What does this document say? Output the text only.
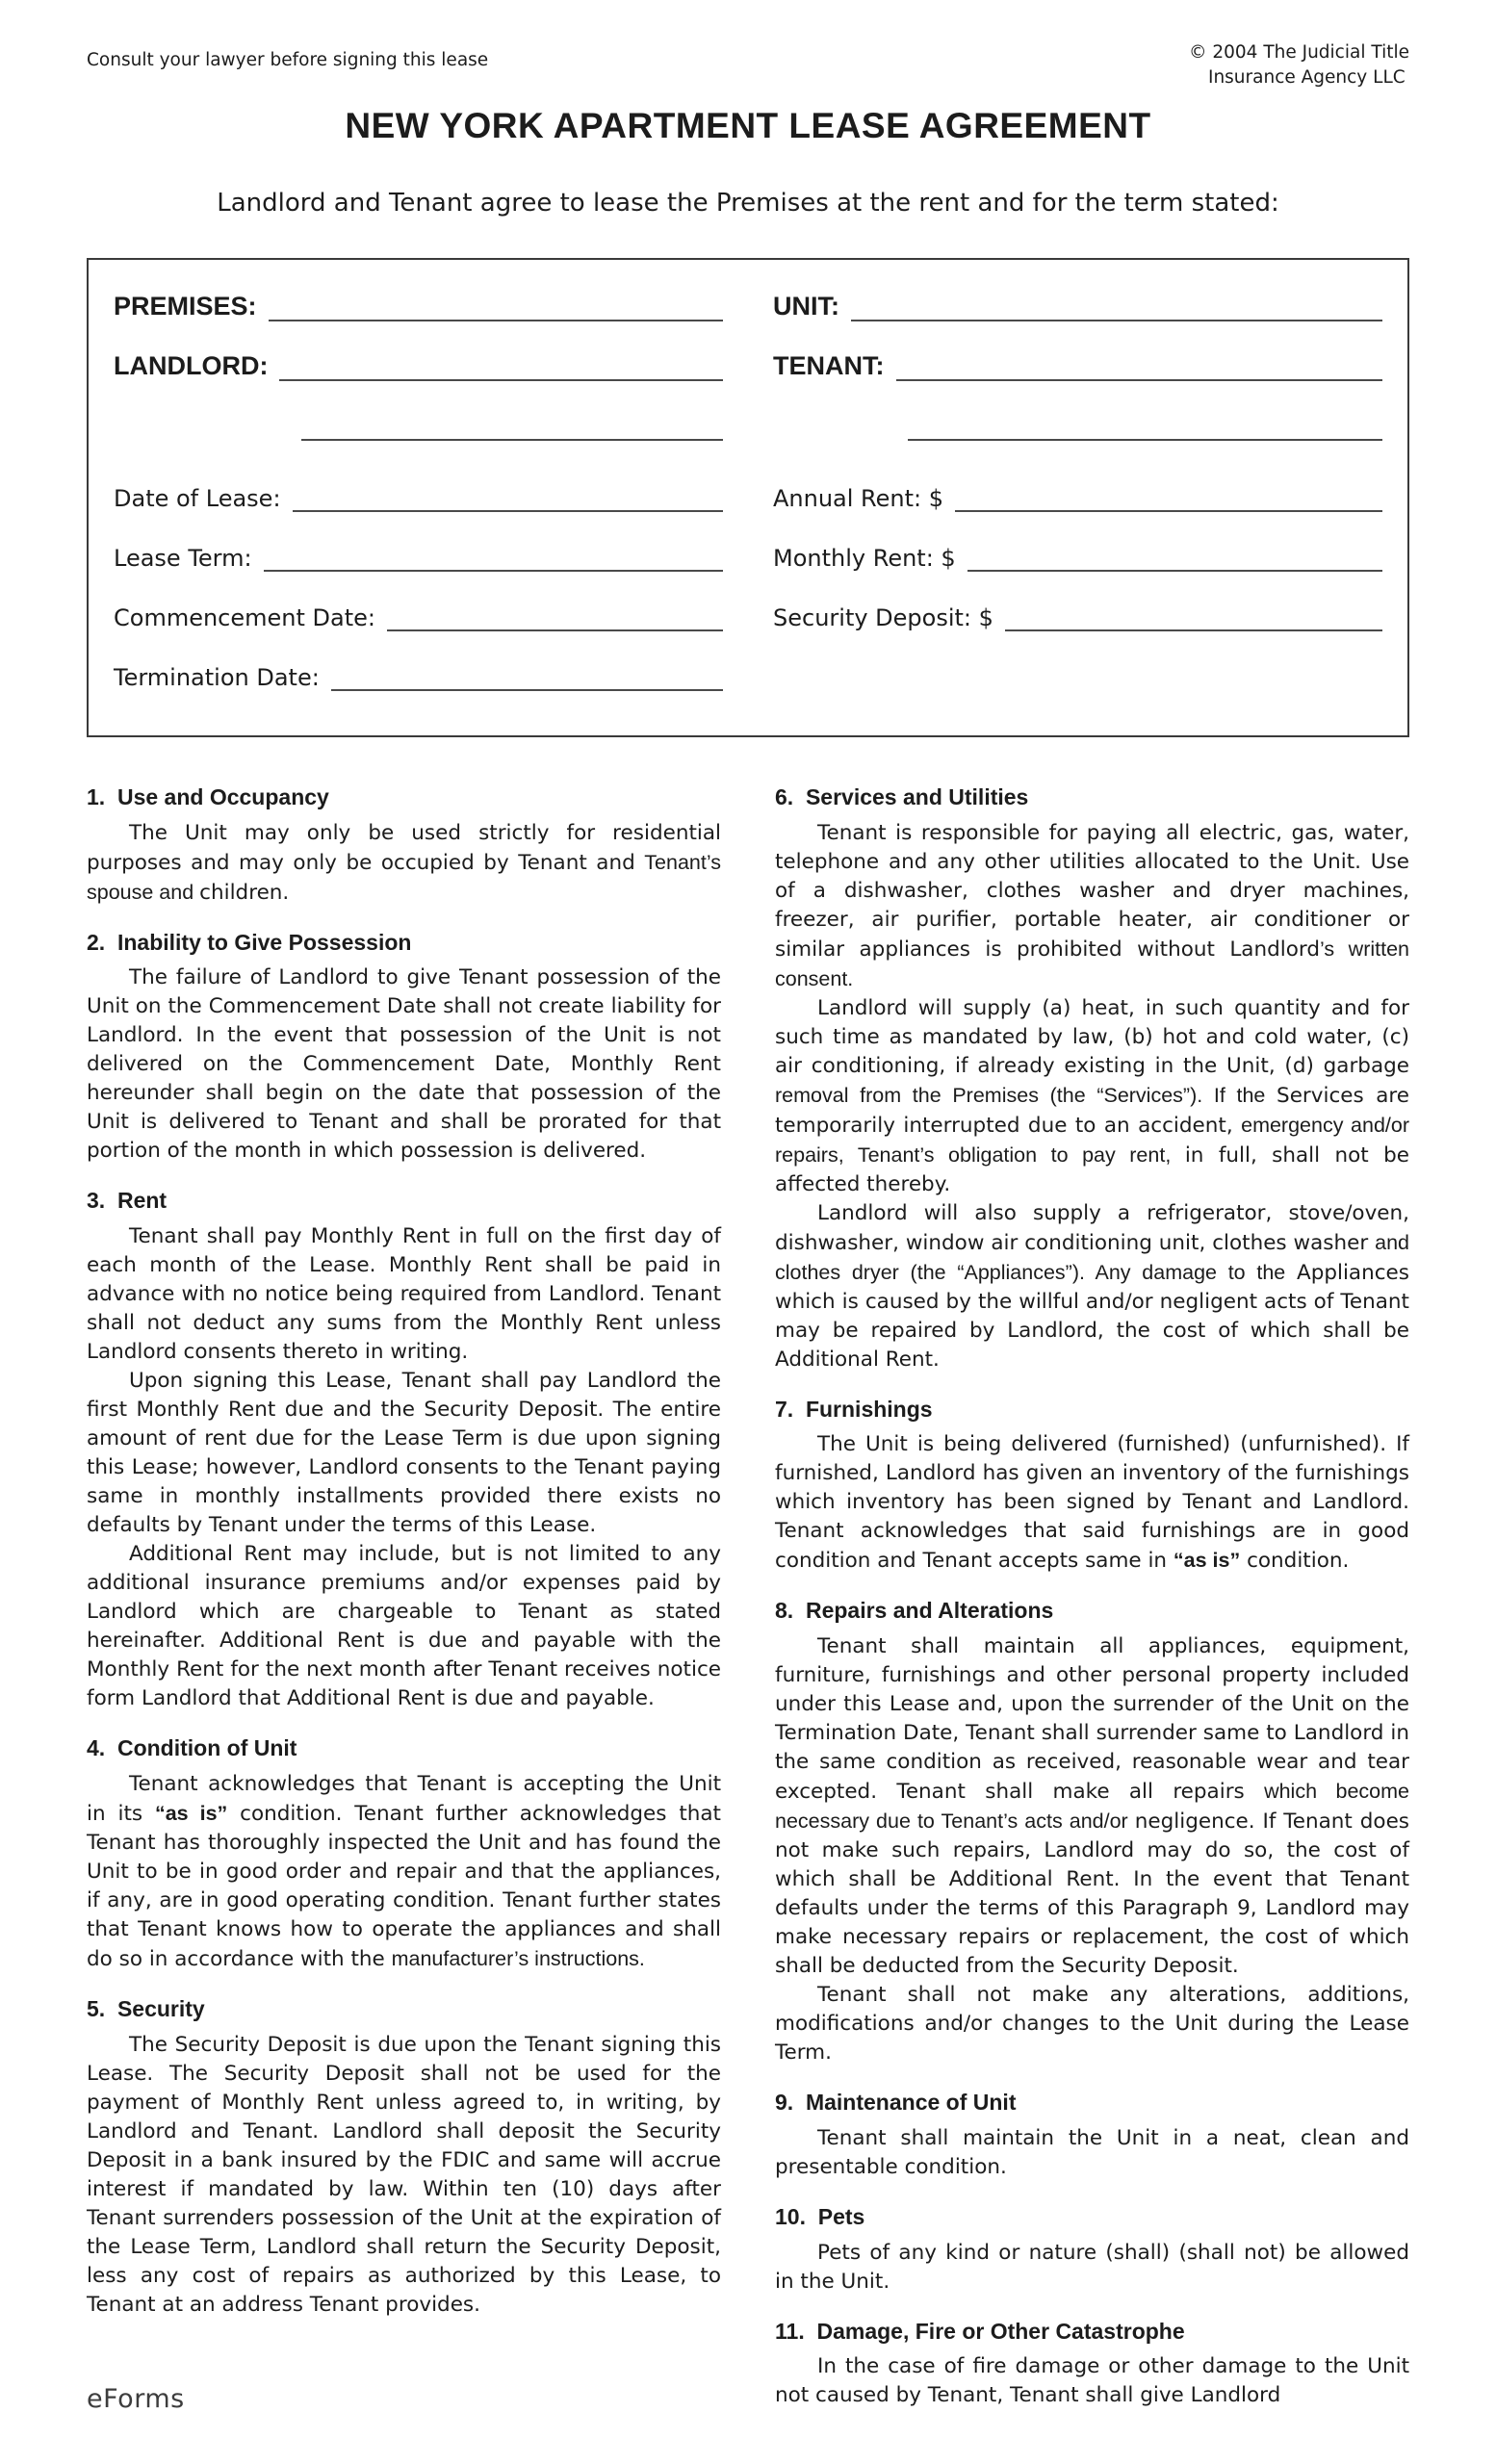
Consult your lawyer before signing this lease	© 2004 The Judicial Title
Insurance Agency LLC
NEW YORK APARTMENT LEASE AGREEMENT

Landlord and Tenant agree to lease the Premises at the rent and for the term stated:

PREMISES:	UNIT:
LANDLORD:	TENANT:
Date of Lease:	Annual Rent: $
Lease Term:	Monthly Rent: $
Commencement Date:	Security Deposit: $
Termination Date:
1.  Use and Occupancy

The Unit may only be used strictly for residential purposes and may only be occupied by Tenant and Tenant’s spouse and children.

2.  Inability to Give Possession

The failure of Landlord to give Tenant possession of the Unit on the Commencement Date shall not create liability for Landlord. In the event that possession of the Unit is not delivered on the Commencement Date, Monthly Rent hereunder shall begin on the date that possession of the Unit is delivered to Tenant and shall be prorated for that portion of the month in which possession is delivered.

3.  Rent

Tenant shall pay Monthly Rent in full on the first day of each month of the Lease. Monthly Rent shall be paid in advance with no notice being required from Landlord. Tenant shall not deduct any sums from the Monthly Rent unless Landlord consents thereto in writing.

Upon signing this Lease, Tenant shall pay Landlord the first Monthly Rent due and the Security Deposit. The entire amount of rent due for the Lease Term is due upon signing this Lease; however, Landlord consents to the Tenant paying same in monthly installments provided there exists no defaults by Tenant under the terms of this Lease.

Additional Rent may include, but is not limited to any additional insurance premiums and/or expenses paid by Landlord which are chargeable to Tenant as stated hereinafter. Additional Rent is due and payable with the Monthly Rent for the next month after Tenant receives notice form Landlord that Additional Rent is due and payable.

4.  Condition of Unit

Tenant acknowledges that Tenant is accepting the Unit in its “as is” condition. Tenant further acknowledges that Tenant has thoroughly inspected the Unit and has found the Unit to be in good order and repair and that the appliances, if any, are in good operating condition. Tenant further states that Tenant knows how to operate the appliances and shall do so in accordance with the manufacturer’s instructions.

5.  Security

The Security Deposit is due upon the Tenant signing this Lease. The Security Deposit shall not be used for the payment of Monthly Rent unless agreed to, in writing, by Landlord and Tenant. Landlord shall deposit the Security Deposit in a bank insured by the FDIC and same will accrue interest if mandated by law. Within ten (10) days after Tenant surrenders possession of the Unit at the expiration of the Lease Term, Landlord shall return the Security Deposit, less any cost of repairs as authorized by this Lease, to Tenant at an address Tenant provides.

6.  Services and Utilities

Tenant is responsible for paying all electric, gas, water, telephone and any other utilities allocated to the Unit. Use of a dishwasher, clothes washer and dryer machines, freezer, air purifier, portable heater, air conditioner or similar appliances is prohibited without Landlord’s written consent.

Landlord will supply (a) heat, in such quantity and for such time as mandated by law, (b) hot and cold water, (c) air conditioning, if already existing in the Unit, (d) garbage removal from the Premises (the “Services”). If the Services are temporarily interrupted due to an accident, emergency and/or repairs, Tenant’s obligation to pay rent, in full, shall not be affected thereby.

Landlord will also supply a refrigerator, stove/oven, dishwasher, window air conditioning unit, clothes washer and clothes dryer (the “Appliances”). Any damage to the Appliances which is caused by the willful and/or negligent acts of Tenant may be repaired by Landlord, the cost of which shall be Additional Rent.

7.  Furnishings

The Unit is being delivered (furnished) (unfurnished). If furnished, Landlord has given an inventory of the furnishings which inventory has been signed by Tenant and Landlord. Tenant acknowledges that said furnishings are in good condition and Tenant accepts same in “as is” condition.

8.  Repairs and Alterations

Tenant shall maintain all appliances, equipment, furniture, furnishings and other personal property included under this Lease and, upon the surrender of the Unit on the Termination Date, Tenant shall surrender same to Landlord in the same condition as received, reasonable wear and tear excepted. Tenant shall make all repairs which become necessary due to Tenant’s acts and/or negligence. If Tenant does not make such repairs, Landlord may do so, the cost of which shall be Additional Rent. In the event that Tenant defaults under the terms of this Paragraph 9, Landlord may make necessary repairs or replacement, the cost of which shall be deducted from the Security Deposit.

Tenant shall not make any alterations, additions, modifications and/or changes to the Unit during the Lease Term.

9.  Maintenance of Unit

Tenant shall maintain the Unit in a neat, clean and presentable condition.

10.  Pets

Pets of any kind or nature (shall) (shall not) be allowed in the Unit.

11.  Damage, Fire or Other Catastrophe

In the case of fire damage or other damage to the Unit not caused by Tenant, Tenant shall give Landlord

eForms
